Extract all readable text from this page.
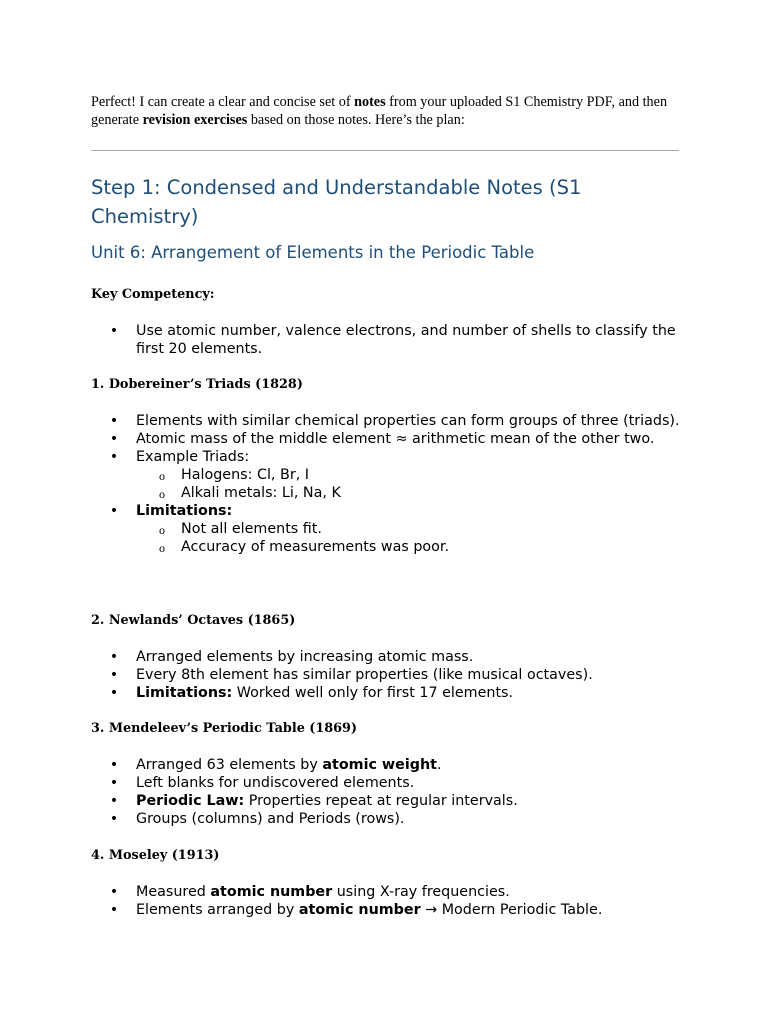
Perfect! I can create a clear and concise set of notes from your uploaded S1 Chemistry PDF, and then generate revision exercises based on those notes. Here’s the plan:

Step 1: Condensed and Understandable Notes (S1 Chemistry)
Unit 6: Arrangement of Elements in the Periodic Table
Key Competency:
• Use atomic number, valence electrons, and number of shells to classify the first 20 elements.
1. Dobereiner’s Triads (1828)
• Elements with similar chemical properties can form groups of three (triads).
• Atomic mass of the middle element ≈ arithmetic mean of the other two.
• Example Triads:
o Halogens: Cl, Br, I
o Alkali metals: Li, Na, K
• Limitations:
o Not all elements fit.
o Accuracy of measurements was poor.
2. Newlands’ Octaves (1865)
• Arranged elements by increasing atomic mass.
• Every 8th element has similar properties (like musical octaves).
• Limitations: Worked well only for first 17 elements.
3. Mendeleev’s Periodic Table (1869)
• Arranged 63 elements by atomic weight.
• Left blanks for undiscovered elements.
• Periodic Law: Properties repeat at regular intervals.
• Groups (columns) and Periods (rows).
4. Moseley (1913)
• Measured atomic number using X-ray frequencies.
• Elements arranged by atomic number → Modern Periodic Table.
